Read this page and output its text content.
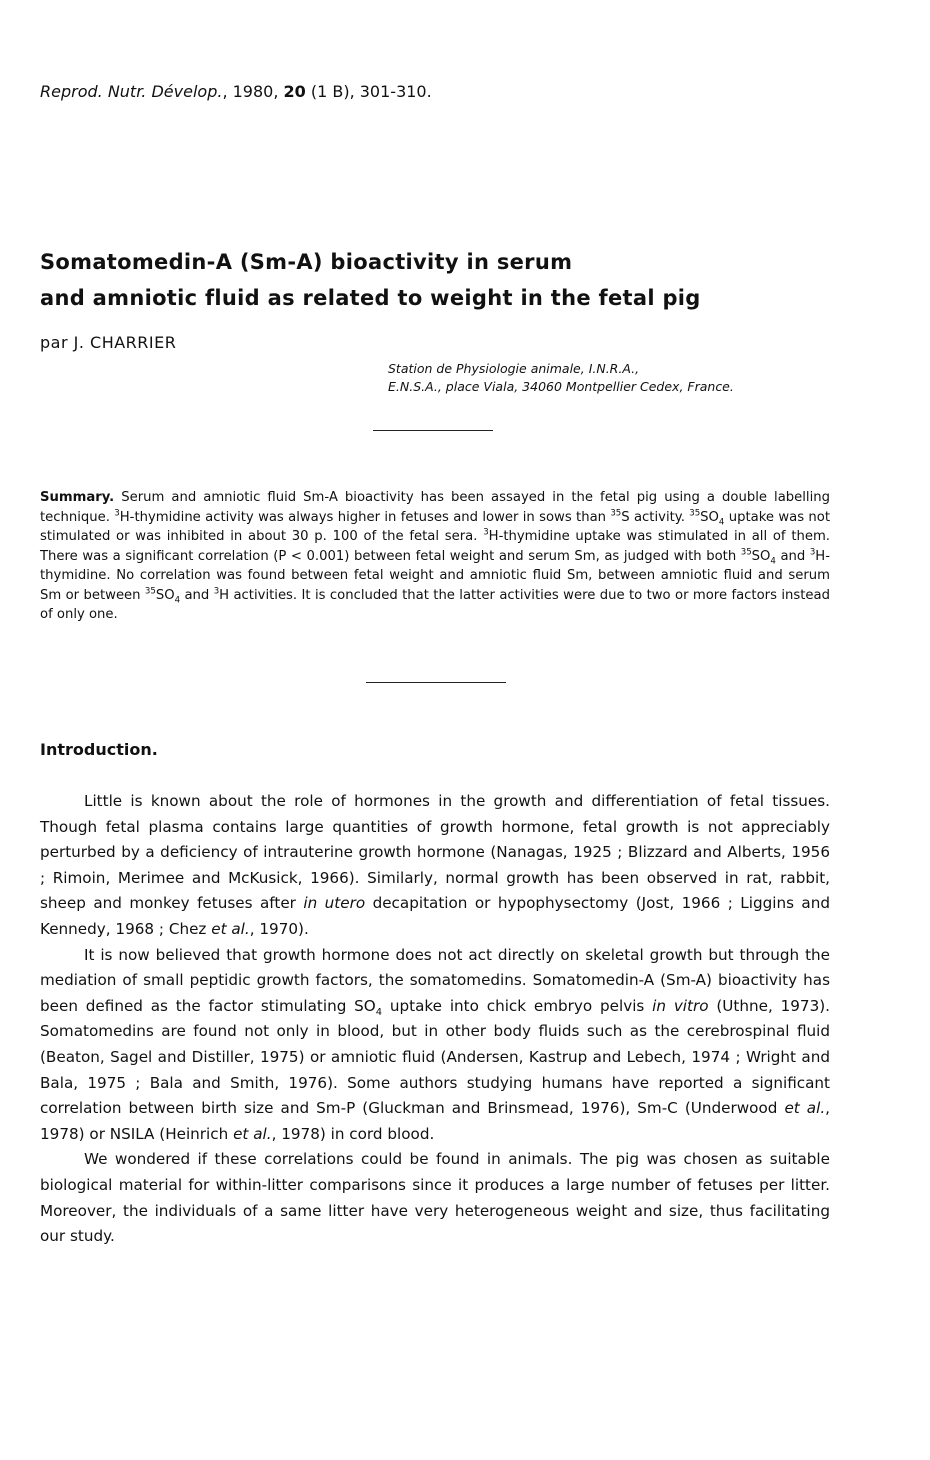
Reprod. Nutr. Dévelop., 1980, 20 (1 B), 301-310.
Somatomedin-A (Sm-A) bioactivity in serum
and amniotic fluid as related to weight in the fetal pig
par J. CHARRIER
Station de Physiologie animale, I.N.R.A.,
E.N.S.A., place Viala, 34060 Montpellier Cedex, France.
Summary. Serum and amniotic fluid Sm-A bioactivity has been assayed in the fetal pig using a double labelling technique. $^3$H-thymidine activity was always higher in fetuses and lower in sows than $^{35}$S activity. $^{35}SO_4$ uptake was not stimulated or was inhibited in about 30 p. 100 of the fetal sera. $^3$H-thymidine uptake was stimulated in all of them. There was a significant correlation (P < 0.001) between fetal weight and serum Sm, as judged with both $^{35}SO_4$ and $^3$H-thymidine. No correlation was found between fetal weight and amniotic fluid Sm, between amniotic fluid and serum Sm or between $^{35}SO_4$ and $^3$H activities. It is concluded that the latter activities were due to two or more factors instead of only one.
Introduction.

Little is known about the role of hormones in the growth and differentiation of fetal tissues. Though fetal plasma contains large quantities of growth hormone, fetal growth is not appreciably perturbed by a deficiency of intrauterine growth hormone (Nanagas, 1925 ; Blizzard and Alberts, 1956 ; Rimoin, Merimee and McKusick, 1966). Similarly, normal growth has been observed in rat, rabbit, sheep and monkey fetuses after in utero decapitation or hypophysectomy (Jost, 1966 ; Liggins and Kennedy, 1968 ; Chez et al., 1970).

It is now believed that growth hormone does not act directly on skeletal growth but through the mediation of small peptidic growth factors, the somatomedins. Somatomedin-A (Sm-A) bioactivity has been defined as the factor stimulating $SO_4$ uptake into chick embryo pelvis in vitro (Uthne, 1973). Somatomedins are found not only in blood, but in other body fluids such as the cerebrospinal fluid (Beaton, Sagel and Distiller, 1975) or amniotic fluid (Andersen, Kastrup and Lebech, 1974 ; Wright and Bala, 1975 ; Bala and Smith, 1976). Some authors studying humans have reported a significant correlation between birth size and Sm-P (Gluckman and Brinsmead, 1976), Sm-C (Underwood et al., 1978) or NSILA (Heinrich et al., 1978) in cord blood.

We wondered if these correlations could be found in animals. The pig was chosen as suitable biological material for within-litter comparisons since it produces a large number of fetuses per litter. Moreover, the individuals of a same litter have very heterogeneous weight and size, thus facilitating our study.
